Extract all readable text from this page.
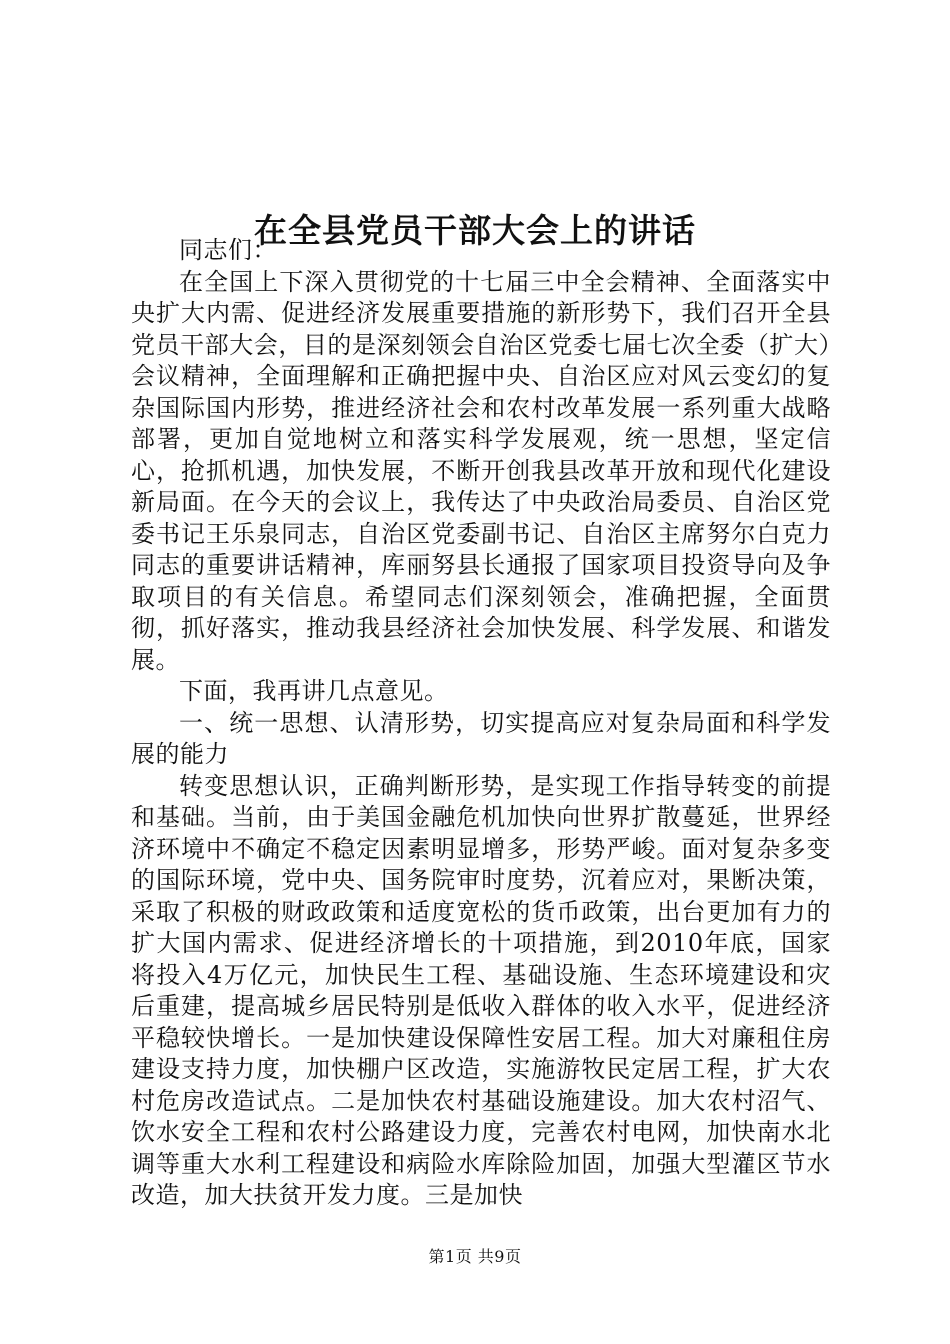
在全县党员干部大会上的讲话

同志们：

在全国上下深入贯彻党的十七届三中全会精神、全面落实中央扩大内需、促进经济发展重要措施的新形势下，我们召开全县党员干部大会，目的是深刻领会自治区党委七届七次全委（扩大）会议精神，全面理解和正确把握中央、自治区应对风云变幻的复杂国际国内形势，推进经济社会和农村改革发展一系列重大战略部署，更加自觉地树立和落实科学发展观，统一思想，坚定信心，抢抓机遇，加快发展，不断开创我县改革开放和现代化建设新局面。在今天的会议上，我传达了中央政治局委员、自治区党委书记王乐泉同志，自治区党委副书记、自治区主席努尔白克力同志的重要讲话精神，库丽努县长通报了国家项目投资导向及争取项目的有关信息。希望同志们深刻领会，准确把握，全面贯彻，抓好落实，推动我县经济社会加快发展、科学发展、和谐发展。

下面，我再讲几点意见。

一、统一思想、认清形势，切实提高应对复杂局面和科学发展的能力

转变思想认识，正确判断形势，是实现工作指导转变的前提和基础。当前，由于美国金融危机加快向世界扩散蔓延，世界经济环境中不确定不稳定因素明显增多，形势严峻。面对复杂多变的国际环境，党中央、国务院审时度势，沉着应对，果断决策，采取了积极的财政政策和适度宽松的货币政策，出台更加有力的扩大国内需求、促进经济增长的十项措施，到2010年底，国家将投入4万亿元，加快民生工程、基础设施、生态环境建设和灾后重建，提高城乡居民特别是低收入群体的收入水平，促进经济平稳较快增长。一是加快建设保障性安居工程。加大对廉租住房建设支持力度，加快棚户区改造，实施游牧民定居工程，扩大农村危房改造试点。二是加快农村基础设施建设。加大农村沼气、饮水安全工程和农村公路建设力度，完善农村电网，加快南水北调等重大水利工程建设和病险水库除险加固，加强大型灌区节水改造，加大扶贫开发力度。三是加快

第1页 共9页
